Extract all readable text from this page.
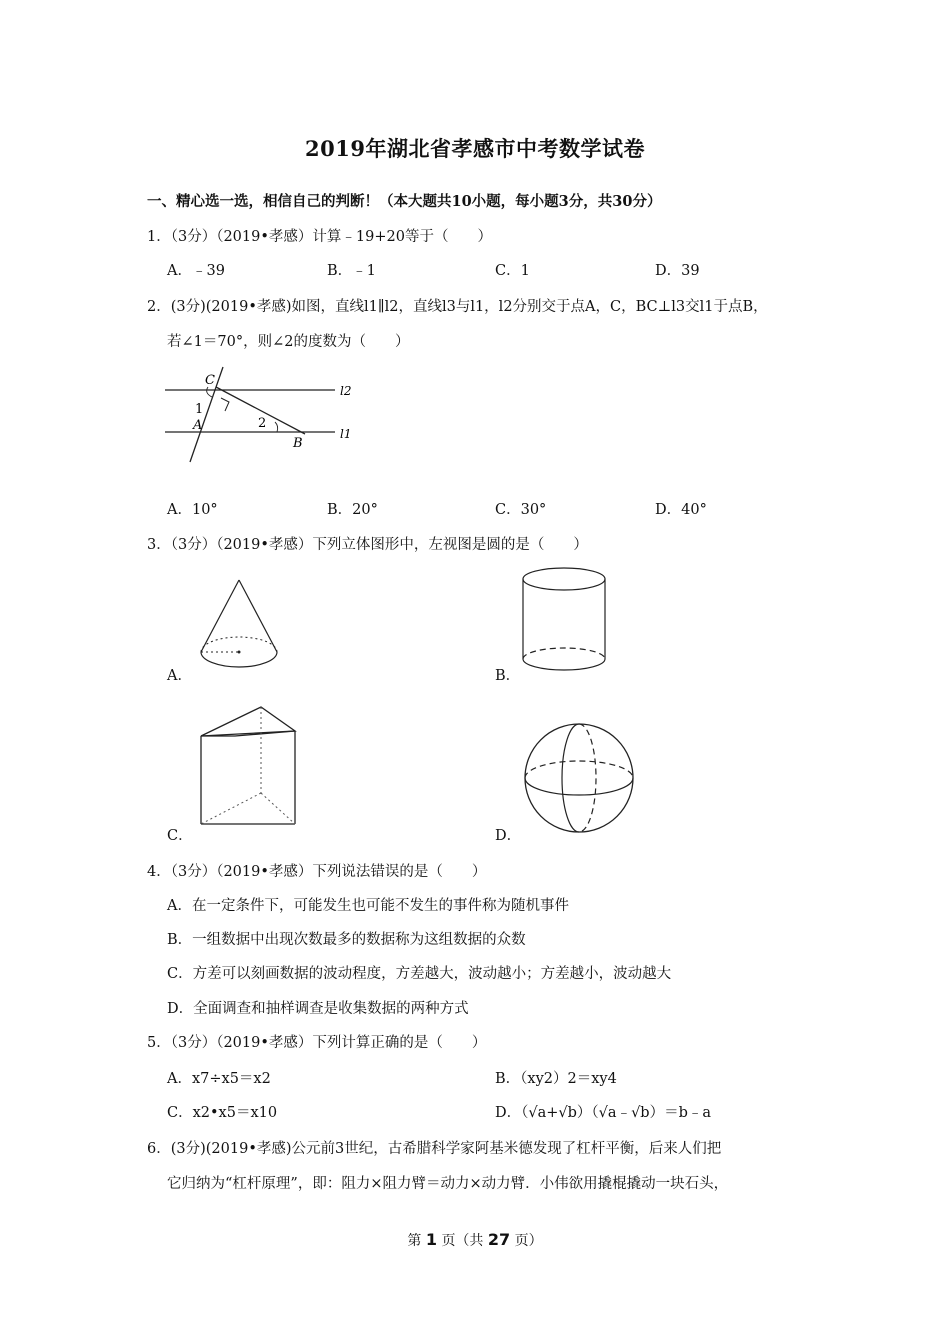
2019年湖北省孝感市中考数学试卷
一、精心选一选，相信自己的判断！（本大题共10小题，每小题3分，共30分）
1．（3分）（2019•孝感）计算﹣19+20等于（　　）
A．﹣39	B．﹣1	C．1	D．39
2．(3分)(2019•孝感)如图，直线l1∥l2，直线l3与l1，l2分别交于点A，C，BC⊥l3交l1于点B，
若∠1＝70°，则∠2的度数为（　　）
C
1
A	2
B
l2
l1
A．10°	B．20°	C．30°	D．40°
3．（3分）（2019•孝感）下列立体图形中，左视图是圆的是（　　）
A．	B．
C．	D．
4．（3分）（2019•孝感）下列说法错误的是（　　）
A．在一定条件下，可能发生也可能不发生的事件称为随机事件
B．一组数据中出现次数最多的数据称为这组数据的众数
C．方差可以刻画数据的波动程度，方差越大，波动越小；方差越小，波动越大
D．全面调查和抽样调查是收集数据的两种方式
5．（3分）（2019•孝感）下列计算正确的是（　　）
A．x7÷x5＝x2	B．（xy2）2＝xy4
C．x2•x5＝x10	D．（√a+√b）（√a﹣√b）＝b﹣a
6．(3分)(2019•孝感)公元前3世纪，古希腊科学家阿基米德发现了杠杆平衡，后来人们把
它归纳为“杠杆原理”，即：阻力×阻力臂＝动力×动力臂．小伟欲用撬棍撬动一块石头，
第 1 页（共 27 页）
